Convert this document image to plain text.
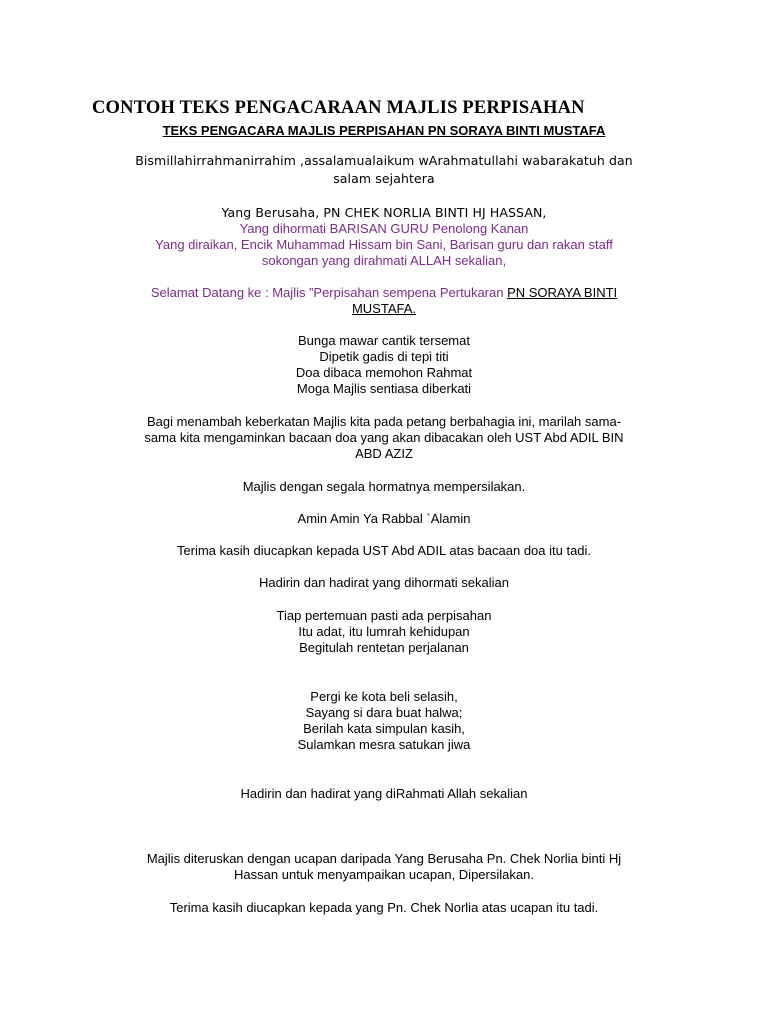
CONTOH TEKS PENGACARAAN MAJLIS PERPISAHAN
TEKS PENGACARA MAJLIS PERPISAHAN PN SORAYA BINTI MUSTAFA
Bismillahirrahmanirrahim ,assalamualaikum wArahmatullahi wabarakatuh dan
salam sejahtera
Yang Berusaha, PN CHEK NORLIA BINTI HJ HASSAN,
Yang dihormati BARISAN GURU Penolong Kanan
Yang diraikan, Encik Muhammad Hissam bin Sani, Barisan guru dan rakan staff
sokongan yang dirahmati ALLAH sekalian,
Selamat Datang ke : Majlis ”Perpisahan sempena Pertukaran PN SORAYA BINTI
MUSTAFA.
Bunga mawar cantik tersemat
Dipetik gadis di tepi titi
Doa dibaca memohon Rahmat
Moga Majlis sentiasa diberkati
Bagi menambah keberkatan Majlis kita pada petang berbahagia ini, marilah sama-
sama kita mengaminkan bacaan doa yang akan dibacakan oleh UST Abd ADIL BIN
ABD AZIZ
Majlis dengan segala hormatnya mempersilakan.
Amin Amin Ya Rabbal `Alamin
Terima kasih diucapkan kepada UST Abd ADIL atas bacaan doa itu tadi.
Hadirin dan hadirat yang dihormati sekalian
Tiap pertemuan pasti ada perpisahan
Itu adat, itu lumrah kehidupan
Begitulah rentetan perjalanan
Pergi ke kota beli selasih,
Sayang si dara buat halwa;
Berilah kata simpulan kasih,
Sulamkan mesra satukan jiwa
Hadirin dan hadirat yang diRahmati Allah sekalian
Majlis diteruskan dengan ucapan daripada Yang Berusaha Pn. Chek Norlia binti Hj
Hassan untuk menyampaikan ucapan, Dipersilakan.
Terima kasih diucapkan kepada yang Pn. Chek Norlia atas ucapan itu tadi.
